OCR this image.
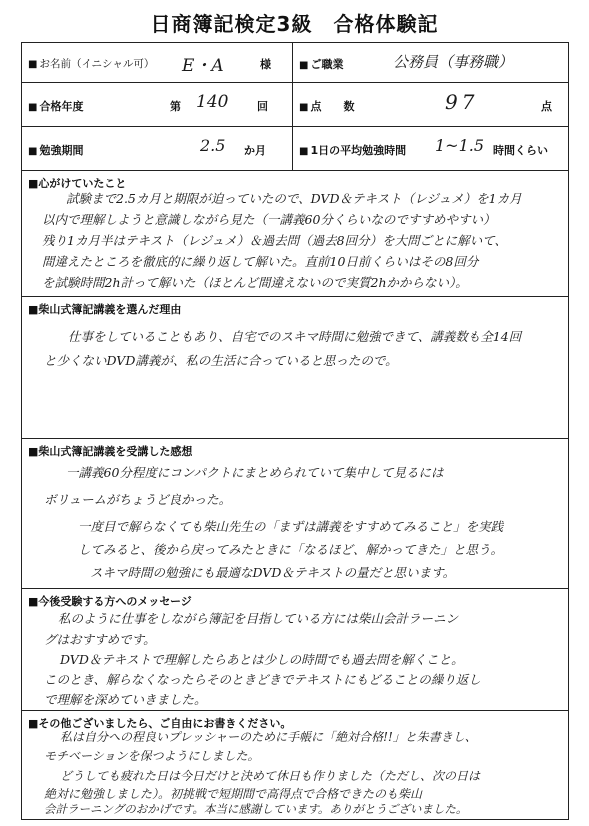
日商簿記検定3級　合格体験記
■ お名前（イニシャル可） E・A	様	■ ご職業	公務員（事務職）
■ 合格年度	第 140	回	■ 点　　数	97	点
■ 勉強期間	2.5 か月	■ 1日の平均勉強時間 1~1.5 時間くらい
■心がけていたこと
試験まで2.5カ月と期限が迫っていたので、DVD＆テキスト（レジュメ）を1カ月
以内で理解しようと意識しながら見た（一講義60分くらいなのですすめやすい）
残り1カ月半はテキスト（レジュメ）＆過去問（過去8回分）を大問ごとに解いて、
間違えたところを徹底的に繰り返して解いた。直前10日前くらいはその8回分
を試験時間2h計って解いた（ほとんど間違えないので実質2hかからない）。
■柴山式簿記講義を選んだ理由
仕事をしていることもあり、自宅でのスキマ時間に勉強できて、講義数も全14回
と少くないDVD講義が、私の生活に合っていると思ったので。
■柴山式簿記講義を受講した感想
一講義60分程度にコンパクトにまとめられていて集中して見るには
ボリュームがちょうど良かった。
一度目で解らなくても柴山先生の「まずは講義をすすめてみること」を実践
してみると、後から戻ってみたときに「なるほど、解かってきた」と思う。
スキマ時間の勉強にも最適なDVD＆テキストの量だと思います。
■今後受験する方へのメッセージ
私のように仕事をしながら簿記を目指している方には柴山会計ラーニン
グはおすすめです。
DVD＆テキストで理解したらあとは少しの時間でも過去問を解くこと。
このとき、解らなくなったらそのときどきでテキストにもどることの繰り返し
で理解を深めていきました。
■その他ございましたら、ご自由にお書きください。
私は自分への程良いプレッシャーのために手帳に「絶対合格!!」と朱書きし、
モチベーションを保つようにしました。
どうしても疲れた日は今日だけと決めて休日も作りました（ただし、次の日は
絶対に勉強しました）。初挑戦で短期間で高得点で合格できたのも柴山
会計ラーニングのおかげです。本当に感謝しています。ありがとうございました。
